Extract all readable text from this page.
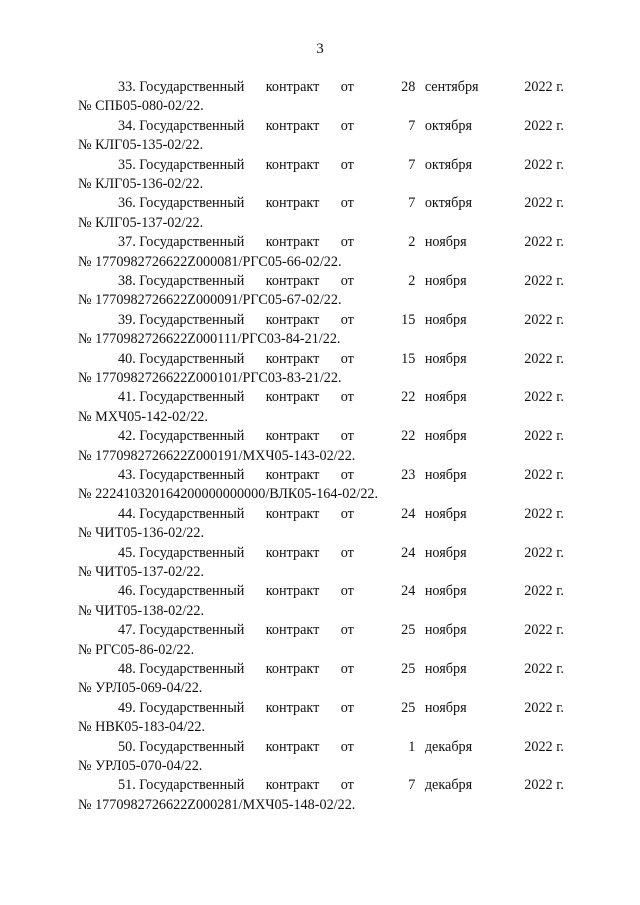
3
33. Государственный контракт от	28 сентября	2022 г.
№ СПБ05-080-02/22.
34. Государственный контракт от	7 октября	2022 г.
№ КЛГ05-135-02/22.
35. Государственный контракт от	7 октября	2022 г.
№ КЛГ05-136-02/22.
36. Государственный контракт от	7 октября	2022 г.
№ КЛГ05-137-02/22.
37. Государственный контракт от	2 ноября	2022 г.
№ 1770982726622Z000081/РГС05-66-02/22.
38. Государственный контракт от	2 ноября	2022 г.
№ 1770982726622Z000091/РГС05-67-02/22.
39. Государственный контракт от	15 ноября	2022 г.
№ 1770982726622Z000111/РГС03-84-21/22.
40. Государственный контракт от	15 ноября	2022 г.
№ 1770982726622Z000101/РГС03-83-21/22.
41. Государственный контракт от	22 ноября	2022 г.
№ МХЧ05-142-02/22.
42. Государственный контракт от	22 ноября	2022 г.
№ 1770982726622Z000191/МХЧ05-143-02/22.
43. Государственный контракт от	23 ноября	2022 г.
№ 222410320164200000000000/ВЛК05-164-02/22.
44. Государственный контракт от	24 ноября	2022 г.
№ ЧИТ05-136-02/22.
45. Государственный контракт от	24 ноября	2022 г.
№ ЧИТ05-137-02/22.
46. Государственный контракт от	24 ноября	2022 г.
№ ЧИТ05-138-02/22.
47. Государственный контракт от	25 ноября	2022 г.
№ РГС05-86-02/22.
48. Государственный контракт от	25 ноября	2022 г.
№ УРЛ05-069-04/22.
49. Государственный контракт от	25 ноября	2022 г.
№ НВК05-183-04/22.
50. Государственный контракт от	1 декабря	2022 г.
№ УРЛ05-070-04/22.
51. Государственный контракт от	7 декабря	2022 г.
№ 1770982726622Z000281/МХЧ05-148-02/22.
